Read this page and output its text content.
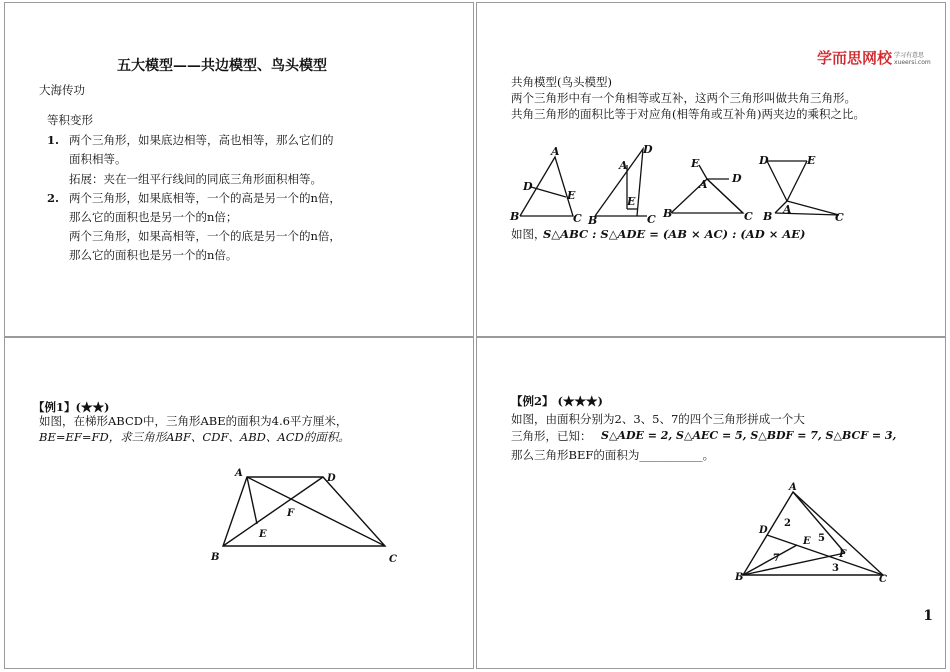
五大模型——共边模型、鸟头模型
大海传功
等积变形
1. 两个三角形，如果底边相等，高也相等，那么它们的
面积相等。
拓展：夹在一组平行线间的同底三角形面积相等。
2. 两个三角形，如果底相等，一个的高是另一个的n倍，
那么它的面积也是另一个的n倍；
两个三角形，如果高相等，一个的底是另一个的n倍，
那么它的面积也是另一个的n倍。
学而思网校 学习有意思
xueersi.com
共角模型(鸟头模型)
两个三角形中有一个角相等或互补，这两个三角形叫做共角三角形。
共角三角形的面积比等于对应角(相等角或互补角)两夹边的乘积之比。
A
D
E
B	C
A
D
E
B	C
E
D
A
B	C
D	E
A
B	C
如图，
S△ABC : S△ADE = (AB × AC) : (AD × AE)
【例1】(★★)
如图，在梯形ABCD中，三角形ABE的面积为4.6平方厘米，
BE=EF=FD，求三角形ABF、CDF、ABD、ACD的面积。
A	D
F
E
B	C
【例2】 (★★★)
如图，由面积分别为2、3、5、7的四个三角形拼成一个大
三角形，已知： S△ADE = 2, S△AEC = 5, S△BDF = 7, S△BCF = 3,
那么三角形BEF的面积为___________。
A
D
E
F
B	C
2
5
7
3
1
